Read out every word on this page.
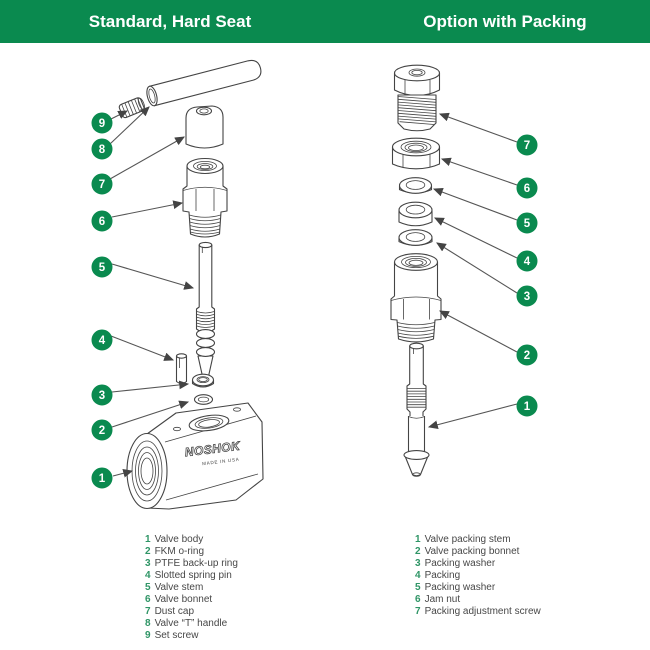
Standard, Hard Seat	Option with Packing
NOSHOK
MADE IN USA
9
8
7
6
5
4
3
2
1
7
6
5
4
3
2
1
1 Valve body
2 FKM o-ring
3 PTFE back-up ring
4 Slotted spring pin
5 Valve stem
6 Valve bonnet
7 Dust cap
8 Valve “T” handle
9 Set screw
1 Valve packing stem
2 Valve packing bonnet
3 Packing washer
4 Packing
5 Packing washer
6 Jam nut
7 Packing adjustment screw
